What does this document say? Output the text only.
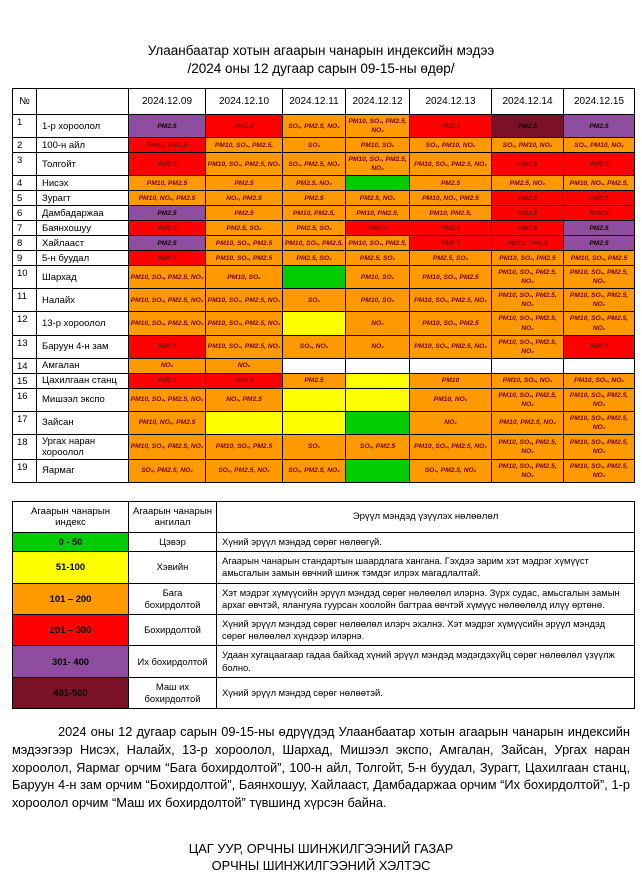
Улаанбаатар хотын агаарын чанарын индексийн мэдээ
/2024 оны 12 дугаар сарын 09-15-ны өдөр/
№		2024.12.09	2024.12.10	2024.12.11	2024.12.12	2024.12.13	2024.12.14	2024.12.15
1	1-р хороолол	PM2.5	PM2.5	SO₂, PM2.5, NO₂	PM10, SO₂, PM2.5, NO₂	PM2.5	PM2.5	PM2.5
2	100-н айл	PM10, PM2.5	PM10, SO₂, PM2.5,	SO₂	PM10, SO₂	SO₂, PM10, NO₂	SO₂, PM10, NO₂	SO₂, PM10, NO₂
3	Толгойт	PM2.5	PM10, SO₂, PM2.5, NO₂	SO₂, PM2.5, NO₂	PM10, SO₂, PM2.5, NO₂	PM10, SO₂, PM2.5, NO₂	PM2.5	PM2.5
4	Нисэх	PM10, PM2.5	PM2.5	PM2.5, NO₂		PM2.5	PM2.5, NO₂	PM10, NO₂, PM2.5,
5	Зурагт	PM10, NO₂, PM2.5	NO₂, PM2.5	PM2.5	PM2.5, NO₂	PM10, NO₂, PM2.5	PM2.5	PM2.5
6	Дамбадаржаа	PM2.5	PM2.5	PM10, PM2.5,	PM10, PM2.5,	PM10, PM2.5,	PM2.5	PM2.5
7	Баянхошуу	PM2.5	PM2.5, SO₂	PM2.5, SO₂	PM2.5	PM2.5	PM2.5	PM2.5
8	Хайлааст	PM2.5	PM10, SO₂, PM2.5	PM10, SO₂, PM2.5,	PM10, SO₂, PM2.5,	PM2.5	PM10, PM2.5	PM2.5
9	5-н буудал	PM2.5	PM10, SO₂, PM2.5	PM2.5, SO₂	PM2.5, SO₂	PM2.5, SO₂	PM10, SO₂, PM2.5	PM10, SO₂, PM2.5
10	Шархад	PM10, SO₂, PM2.5, NO₂	PM10, SO₂		PM10, SO₂	PM10, SO₂, PM2.5	PM10, SO₂, PM2.5, NO₂	PM10, SO₂, PM2.5, NO₂
11	Налайх	PM10, SO₂, PM2.5, NO₂	PM10, SO₂, PM2.5, NO₂	SO₂	PM10, SO₂	PM10, SO₂, PM2.5, NO₂	PM10, SO₂, PM2.5, NO₂	PM10, SO₂, PM2.5, NO₂
12	13-р хороолол	PM10, SO₂, PM2.5, NO₂	PM10, SO₂, PM2.5, NO₂		NO₂	PM10, SO₂, PM2.5	PM10, SO₂, PM2.5, NO₂	PM10, SO₂, PM2.5, NO₂
13	Баруун 4-н зам	PM2.5	PM10, SO₂, PM2.5, NO₂	SO₂, NO₂	NO₂	PM10, SO₂, PM2.5, NO₂	PM10, SO₂, PM2.5, NO₂	PM2.5
14	Амгалан	NO₂	NO₂					
15	Цахилгаан станц	PM2.5	PM2.5	PM2.5		PM10	PM10, SO₂, NO₂	PM10, SO₂, NO₂
16	Мишээл экспо	PM10, SO₂, PM2.5, NO₂	NO₂, PM2.5			PM10, NO₂	PM10, SO₂, PM2.5, NO₂	PM10, SO₂, PM2.5, NO₂
17	Зайсан	PM10, NO₂, PM2.5				NO₂	PM10, PM2.5, NO₂	PM10, SO₂, PM2.5, NO₂
18	Ургах наран хороолол	PM10, SO₂, PM2.5, NO₂	PM10, SO₂, PM2.5	SO₂	SO₂, PM2.5	PM10, SO₂, PM2.5, NO₂	PM10, SO₂, PM2.5, NO₂	PM10, SO₂, PM2.5, NO₂
19	Яармаг	SO₂, PM2.5, NO₂	SO₂, PM2.5, NO₂	SO₂, PM2.5, NO₂		SO₂, PM2.5, NO₂	PM10, SO₂, PM2.5, NO₂	PM10, SO₂, PM2.5, NO₂
Агаарын чанарын индекс	Агаарын чанарын ангилал	Эрүүл мэндэд үзүүлэх нөлөөлөл
0 - 50	Цэвэр	Хүний эрүүл мэндэд сөрөг нөлөөгүй.
51-100	Хэвийн	Агаарын чанарын стандартын шаардлага хангана. Гэхдээ зарим хэт мэдрэг хүмүүст амьсгалын замын өвчний шинж тэмдэг илрэх магадлалтай.
101 – 200	Бага бохирдолтой	Хэт мэдрэг хүмүүсийн эрүүл мэндэд сөрөг нөлөөлөл илэрнэ. Зүрх судас, амьсгалын замын архаг өвчтэй, ялангуяа гуурсан хоолойн багтраа өвчтэй хүмүүс нөлөөлөлд илүү өртөнө.
201 – 300	Бохирдолтой	Хүний эрүүл мэндэд сөрөг нөлөөлөл илэрч эхэлнэ. Хэт мэдрэг хүмүүсийн эрүүл мэндэд сөрөг нөлөөлөл хүндээр илэрнэ.
301- 400	Их бохирдолтой	Удаан хугацаагаар гадаа байхад хүний эрүүл мэндэд мэдэгдэхүйц сөрөг нөлөөлөл үзүүлж болно.
401-500	Маш их бохирдолтой	Хүний эрүүл мэндэд сөрөг нөлөөтэй.
2024 оны 12 дугаар сарын 09-15-ны өдрүүдэд Улаанбаатар хотын агаарын чанарын индексийн мэдээгээр Нисэх, Налайх, 13-р хороолол, Шархад, Мишээл экспо, Амгалан, Зайсан, Ургах наран хороолол, Яармаг орчим “Бага бохирдолтой”, 100-н айл, Толгойт, 5-н буудал, Зурагт, Цахилгаан станц, Баруун 4-н зам орчим “Бохирдолтой”, Баянхошуу, Хайлааст, Дамбадаржаа орчим “Их бохирдолтой”, 1-р хороолол орчим “Маш их бохирдолтой” түвшинд хүрсэн байна.
ЦАГ УУР, ОРЧНЫ ШИНЖИЛГЭЭНИЙ ГАЗАР
ОРЧНЫ ШИНЖИЛГЭЭНИЙ ХЭЛТЭС
